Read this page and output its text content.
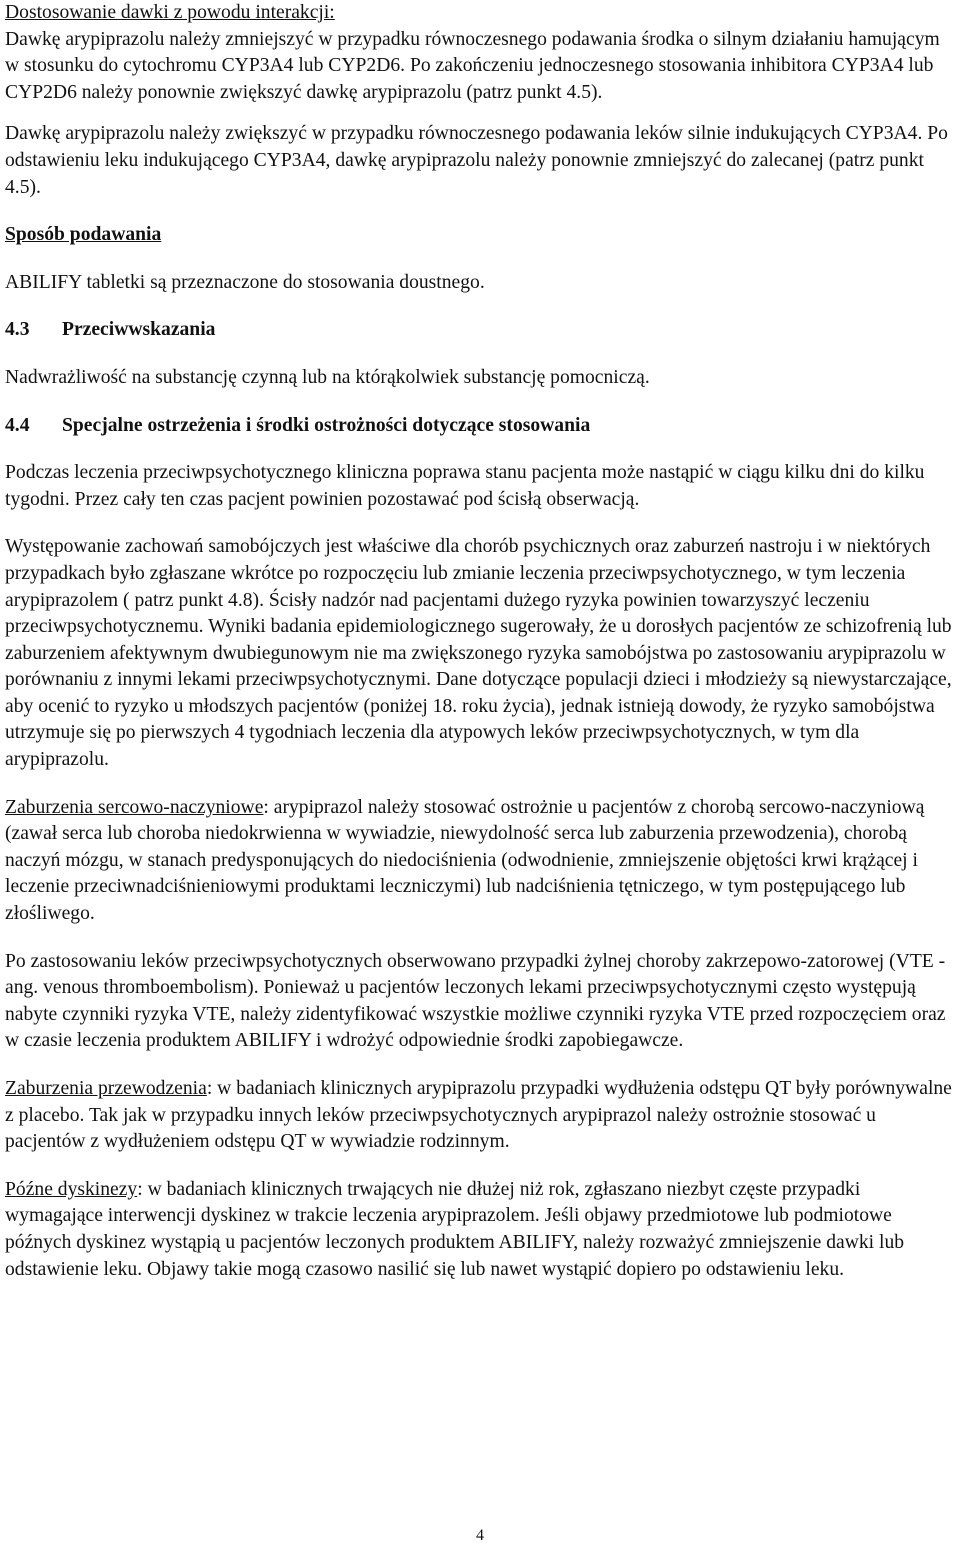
Dostosowanie dawki z powodu interakcji:

Dawkę arypiprazolu należy zmniejszyć w przypadku równoczesnego podawania środka o silnym działaniu hamującym w stosunku do cytochromu CYP3A4 lub CYP2D6. Po zakończeniu jednoczesnego stosowania inhibitora CYP3A4 lub CYP2D6 należy ponownie zwiększyć dawkę arypiprazolu (patrz punkt 4.5).

Dawkę arypiprazolu należy zwiększyć w przypadku równoczesnego podawania leków silnie indukujących CYP3A4. Po odstawieniu leku indukującego CYP3A4, dawkę arypiprazolu należy ponownie zmniejszyć do zalecanej (patrz punkt 4.5).

Sposób podawania

ABILIFY tabletki są przeznaczone do stosowania doustnego.

4.3 Przeciwwskazania

Nadwrażliwość na substancję czynną lub na którąkolwiek substancję pomocniczą.

4.4 Specjalne ostrzeżenia i środki ostrożności dotyczące stosowania

Podczas leczenia przeciwpsychotycznego kliniczna poprawa stanu pacjenta może nastąpić w ciągu kilku dni do kilku tygodni. Przez cały ten czas pacjent powinien pozostawać pod ścisłą obserwacją.

Występowanie zachowań samobójczych jest właściwe dla chorób psychicznych oraz zaburzeń nastroju i w niektórych przypadkach było zgłaszane wkrótce po rozpoczęciu lub zmianie leczenia przeciwpsychotycznego, w tym leczenia arypiprazolem ( patrz punkt 4.8). Ścisły nadzór nad pacjentami dużego ryzyka powinien towarzyszyć leczeniu przeciwpsychotycznemu. Wyniki badania epidemiologicznego sugerowały, że u dorosłych pacjentów ze schizofrenią lub zaburzeniem afektywnym dwubiegunowym nie ma zwiększonego ryzyka samobójstwa po zastosowaniu arypiprazolu w porównaniu z innymi lekami przeciwpsychotycznymi. Dane dotyczące populacji dzieci i młodzieży są niewystarczające, aby ocenić to ryzyko u młodszych pacjentów (poniżej 18. roku życia), jednak istnieją dowody, że ryzyko samobójstwa utrzymuje się po pierwszych 4 tygodniach leczenia dla atypowych leków przeciwpsychotycznych, w tym dla arypiprazolu.

Zaburzenia sercowo-naczyniowe: arypiprazol należy stosować ostrożnie u pacjentów z chorobą sercowo-naczyniową (zawał serca lub choroba niedokrwienna w wywiadzie, niewydolność serca lub zaburzenia przewodzenia), chorobą naczyń mózgu, w stanach predysponujących do niedociśnienia (odwodnienie, zmniejszenie objętości krwi krążącej i leczenie przeciwnadciśnieniowymi produktami leczniczymi) lub nadciśnienia tętniczego, w tym postępującego lub złośliwego.

Po zastosowaniu leków przeciwpsychotycznych obserwowano przypadki żylnej choroby zakrzepowo-zatorowej (VTE - ang. venous thromboembolism). Ponieważ u pacjentów leczonych lekami przeciwpsychotycznymi często występują nabyte czynniki ryzyka VTE, należy zidentyfikować wszystkie możliwe czynniki ryzyka VTE przed rozpoczęciem oraz w czasie leczenia produktem ABILIFY i wdrożyć odpowiednie środki zapobiegawcze.

Zaburzenia przewodzenia: w badaniach klinicznych arypiprazolu przypadki wydłużenia odstępu QT były porównywalne z placebo. Tak jak w przypadku innych leków przeciwpsychotycznych arypiprazol należy ostrożnie stosować u pacjentów z wydłużeniem odstępu QT w wywiadzie rodzinnym.

Późne dyskinezy: w badaniach klinicznych trwających nie dłużej niż rok, zgłaszano niezbyt częste przypadki wymagające interwencji dyskinez w trakcie leczenia arypiprazolem. Jeśli objawy przedmiotowe lub podmiotowe późnych dyskinez wystąpią u pacjentów leczonych produktem ABILIFY, należy rozważyć zmniejszenie dawki lub odstawienie leku. Objawy takie mogą czasowo nasilić się lub nawet wystąpić dopiero po odstawieniu leku.

4
